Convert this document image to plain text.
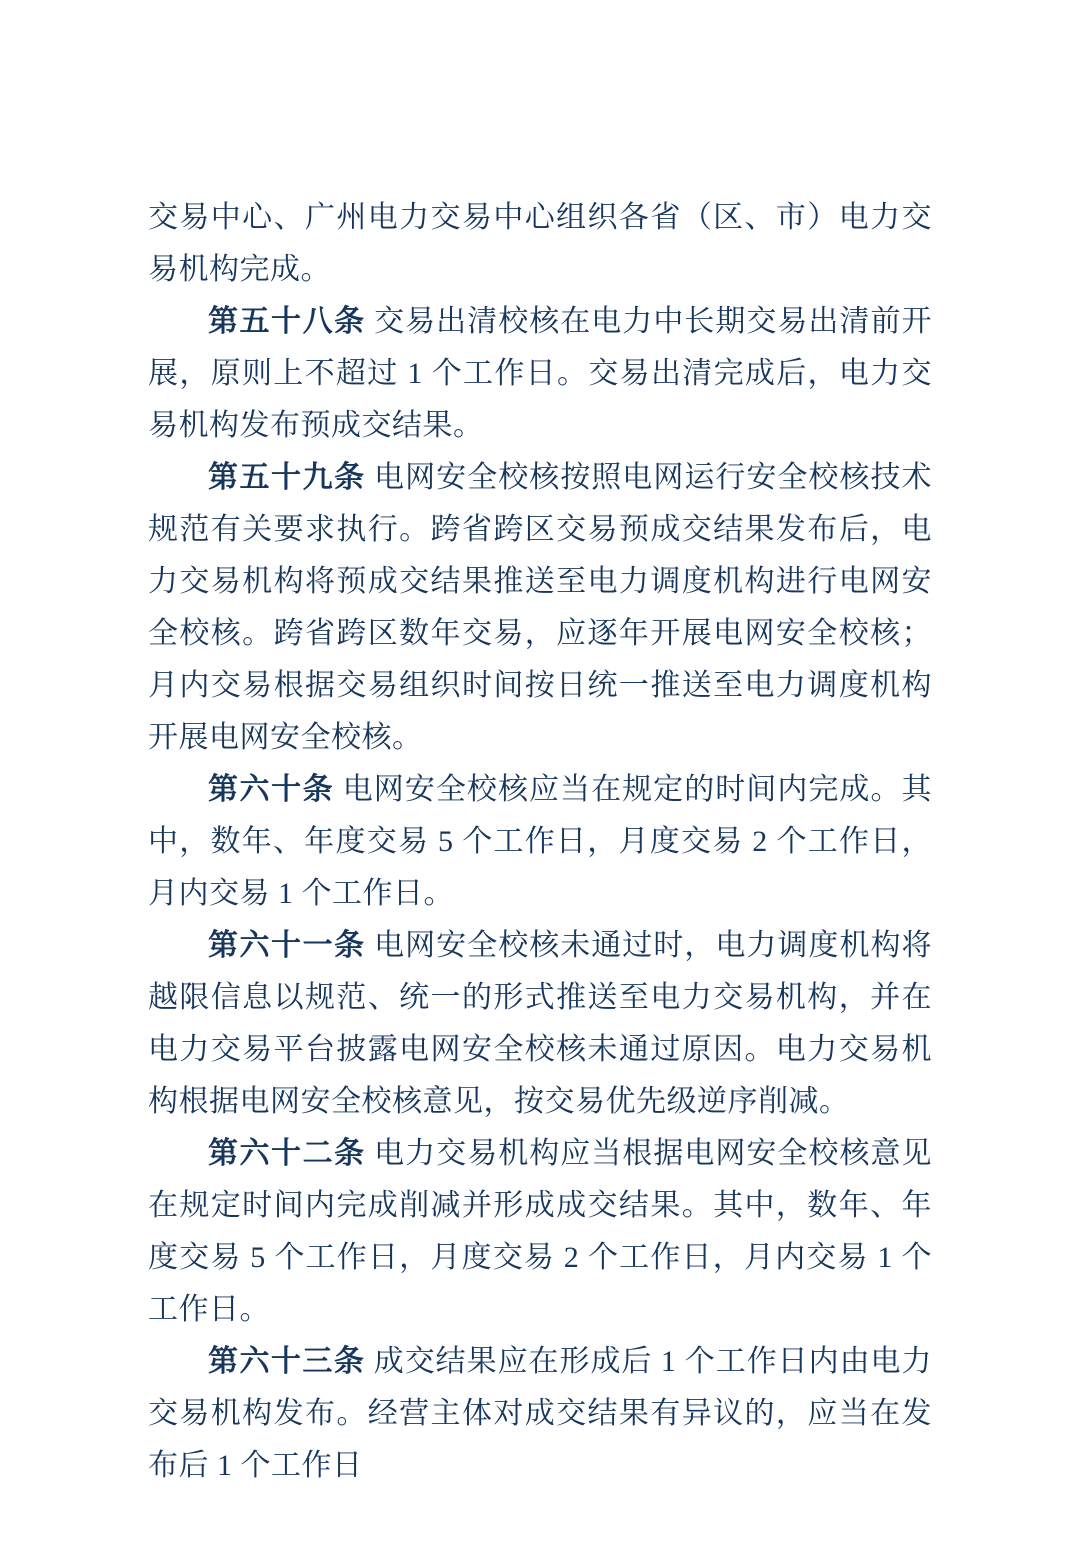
交易中心、广州电力交易中心组织各省（区、市）电力交易机构完成。

第五十八条 交易出清校核在电力中长期交易出清前开展，原则上不超过 1 个工作日。交易出清完成后，电力交易机构发布预成交结果。

第五十九条 电网安全校核按照电网运行安全校核技术规范有关要求执行。跨省跨区交易预成交结果发布后，电力交易机构将预成交结果推送至电力调度机构进行电网安全校核。跨省跨区数年交易，应逐年开展电网安全校核；月内交易根据交易组织时间按日统一推送至电力调度机构开展电网安全校核。

第六十条 电网安全校核应当在规定的时间内完成。其中，数年、年度交易 5 个工作日，月度交易 2 个工作日，月内交易 1 个工作日。

第六十一条 电网安全校核未通过时，电力调度机构将越限信息以规范、统一的形式推送至电力交易机构，并在电力交易平台披露电网安全校核未通过原因。电力交易机构根据电网安全校核意见，按交易优先级逆序削减。

第六十二条 电力交易机构应当根据电网安全校核意见在规定时间内完成削减并形成成交结果。其中，数年、年度交易 5 个工作日，月度交易 2 个工作日，月内交易 1 个工作日。

第六十三条 成交结果应在形成后 1 个工作日内由电力交易机构发布。经营主体对成交结果有异议的，应当在发布后 1 个工作日
